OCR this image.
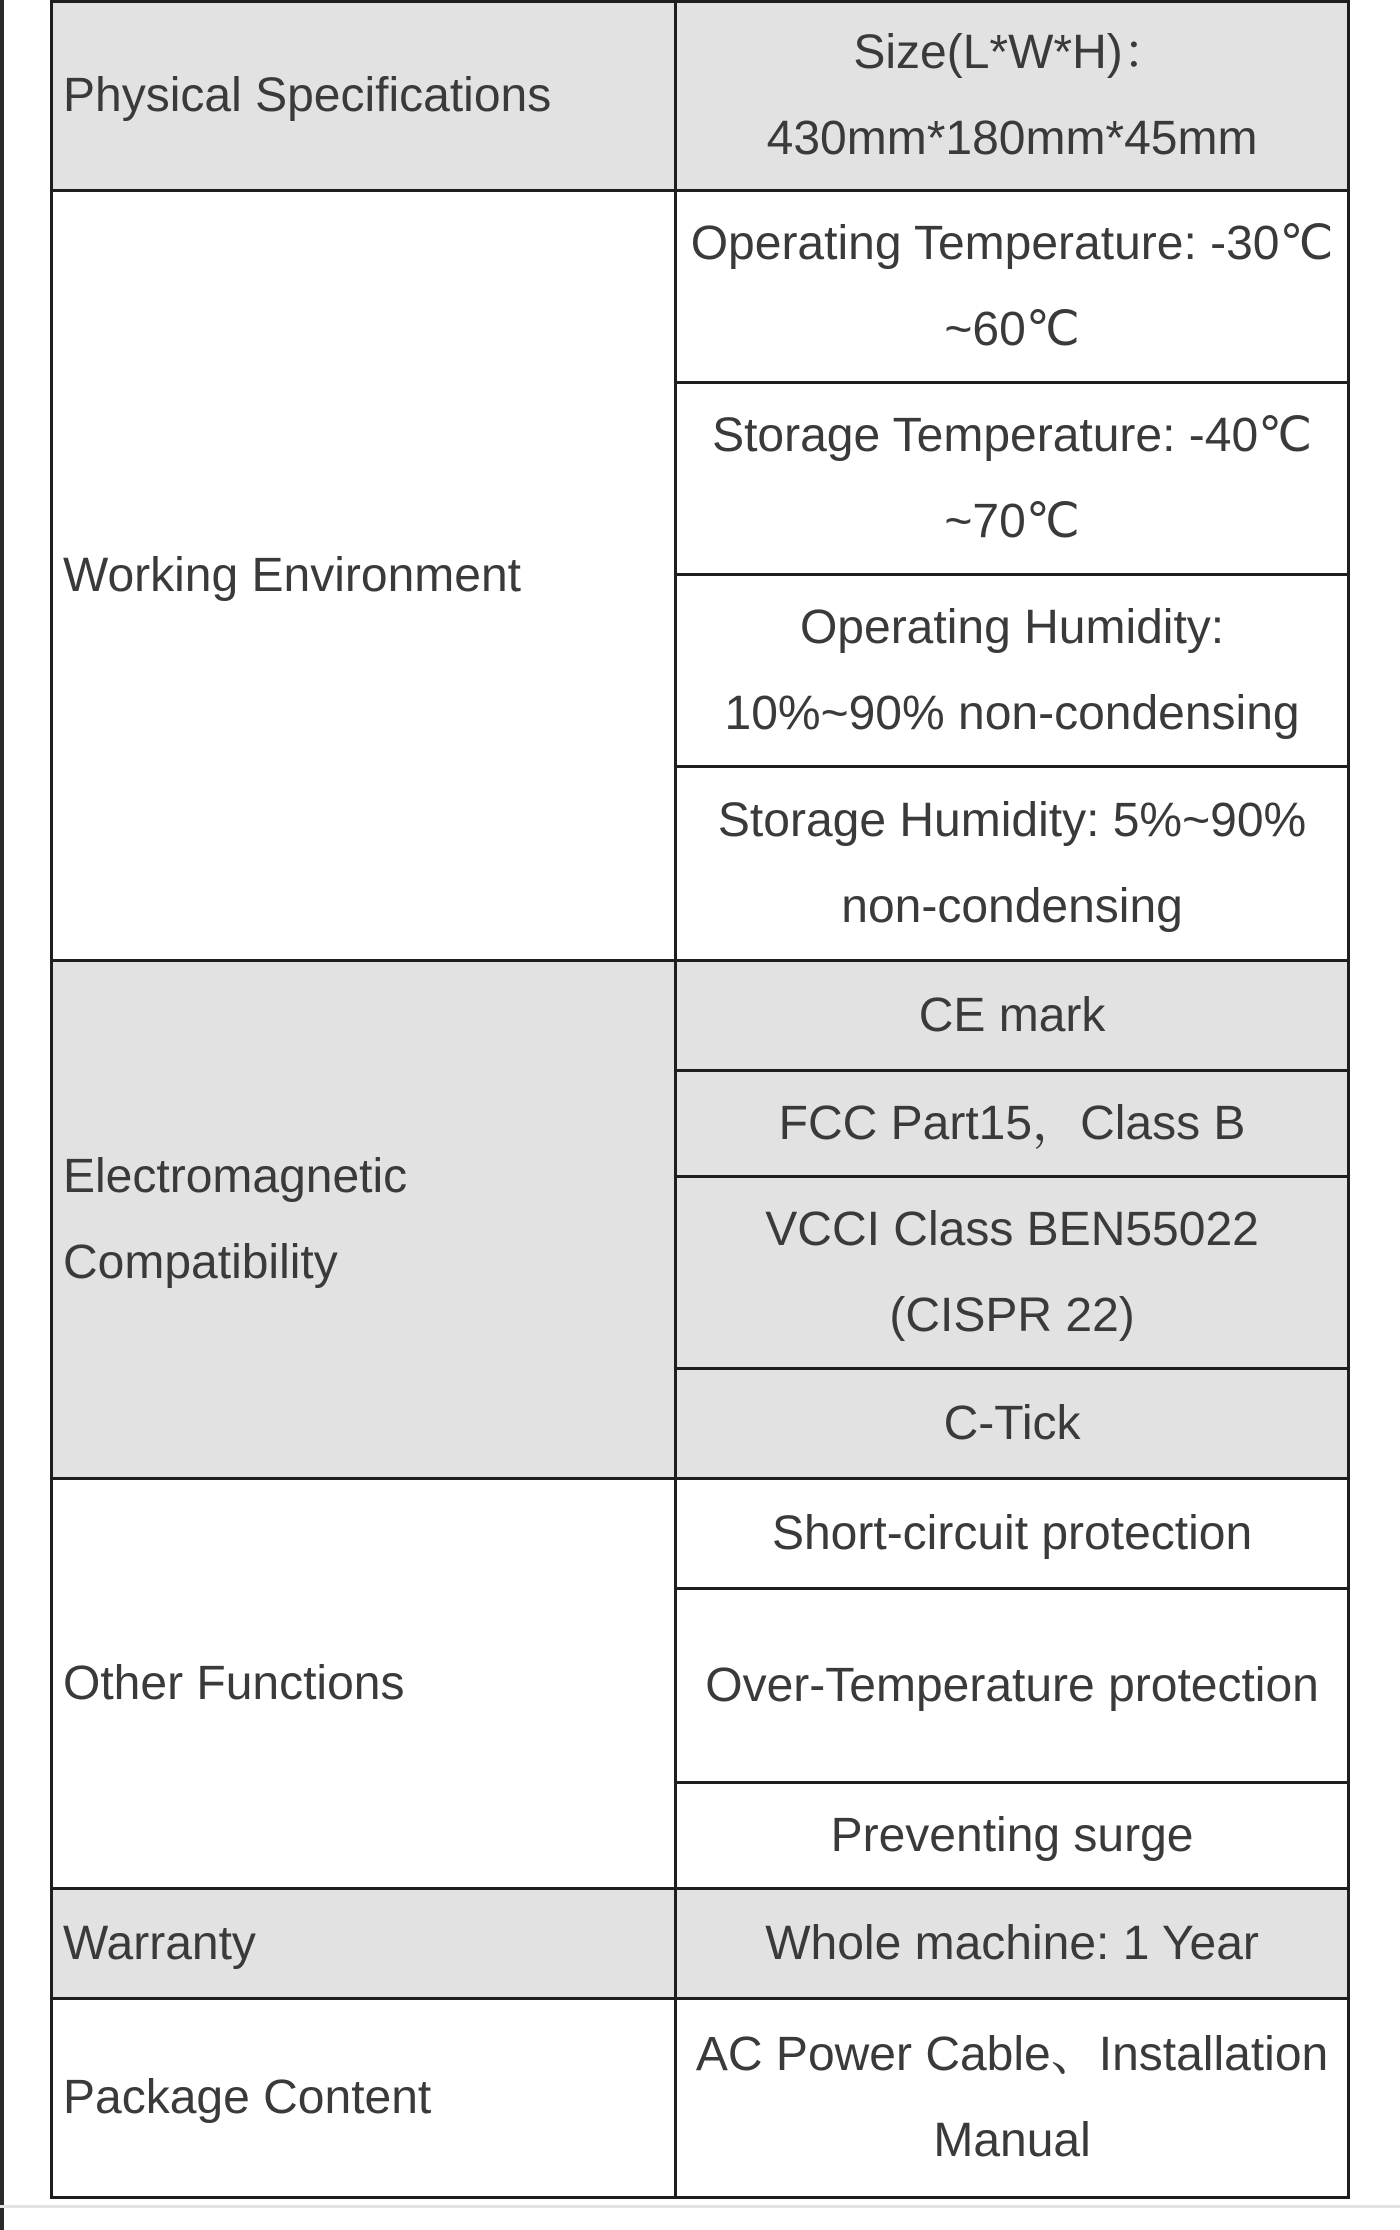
Physical Specifications	Size(L*W*H)：430mm*180mm*45mm
Working Environment	Operating Temperature: -30℃ ~60℃
	Storage Temperature: -40℃ ~70℃
	Operating Humidity: 10%~90% non-condensing
	Storage Humidity: 5%~90% non-condensing
Electromagnetic Compatibility	CE mark
	FCC Part15，Class B
	VCCI Class BEN55022 (CISPR 22)
	C-Tick
Other Functions	Short-circuit protection
	Over-Temperature protection
	Preventing surge
Warranty	Whole machine: 1 Year
Package Content	AC Power Cable、Installation Manual
